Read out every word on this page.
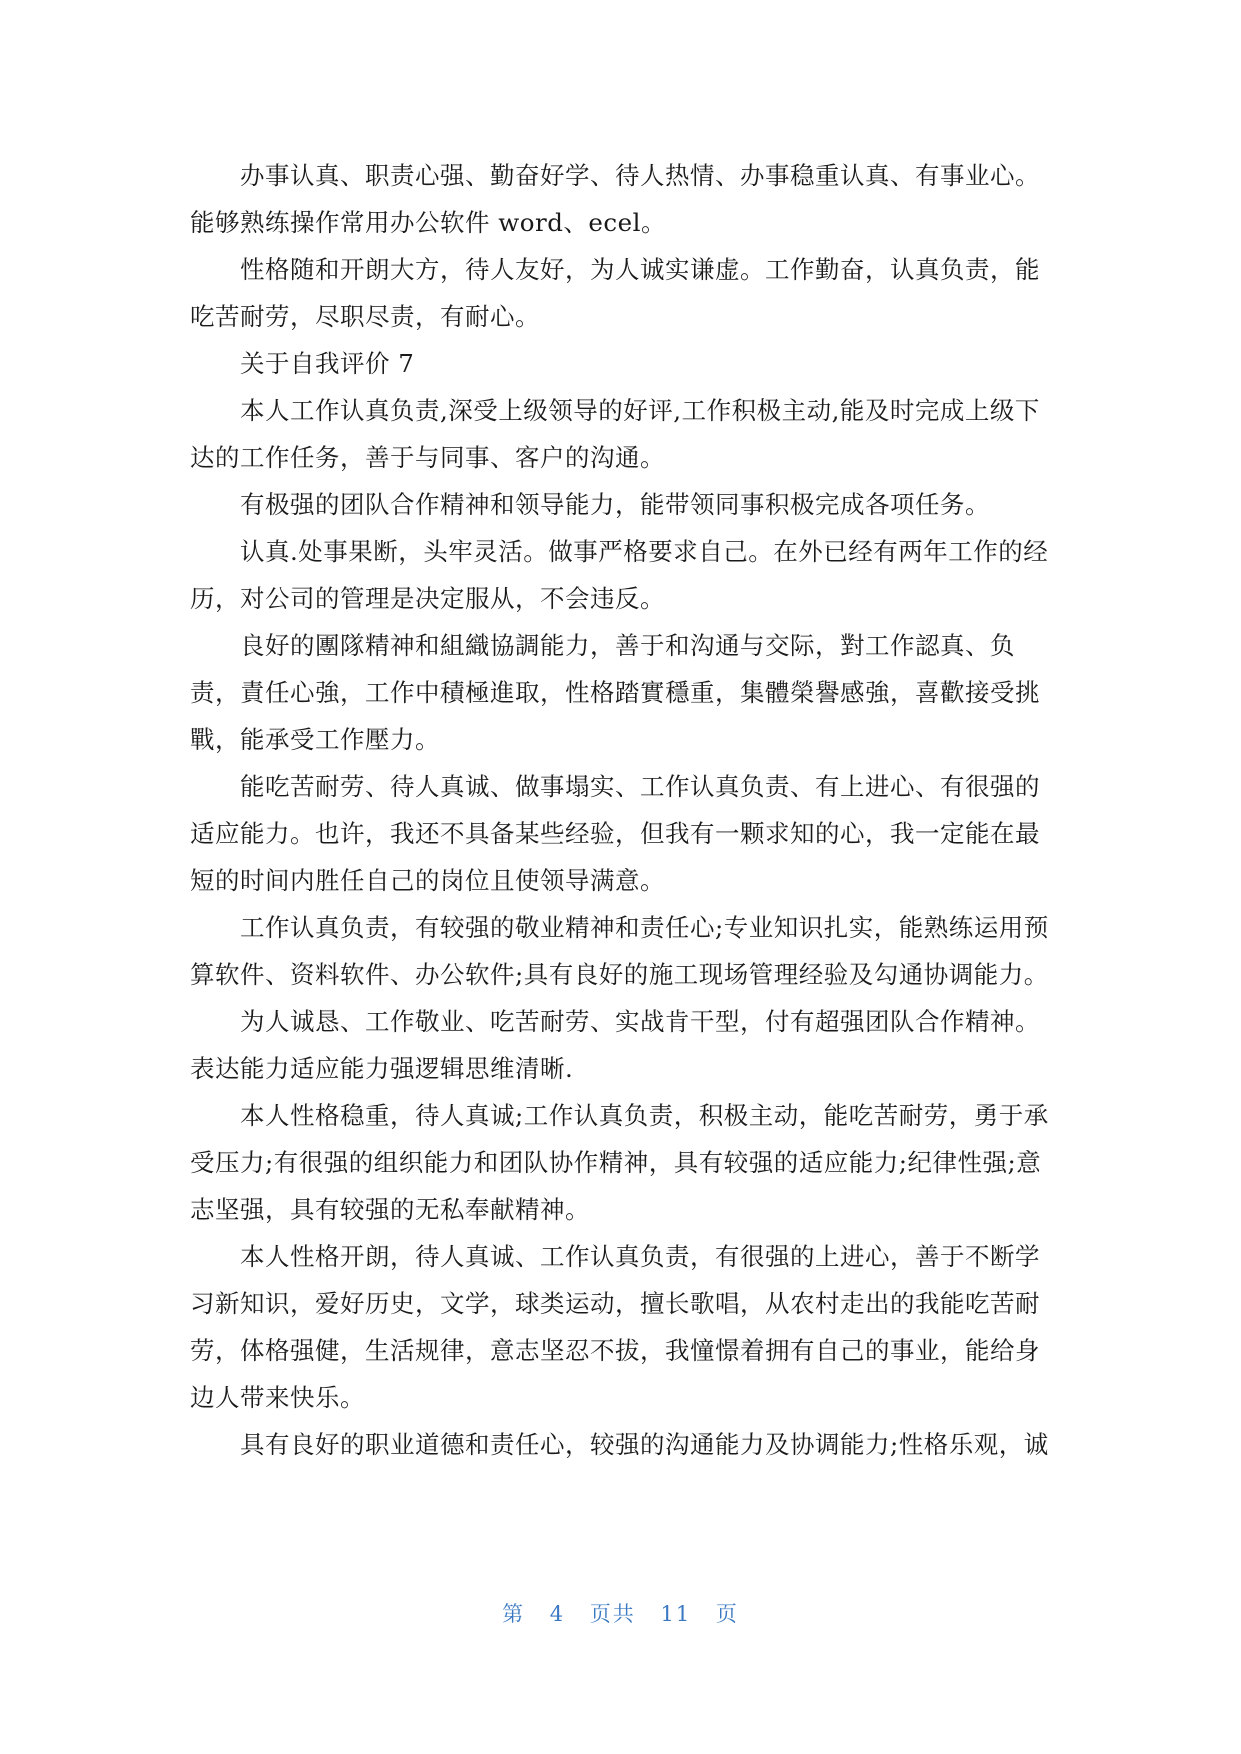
办事认真、职责心强、勤奋好学、待人热情、办事稳重认真、有事业心。
能够熟练操作常用办公软件 word、ecel。
性格随和开朗大方，待人友好，为人诚实谦虚。工作勤奋，认真负责，能
吃苦耐劳，尽职尽责，有耐心。
关于自我评价 7
本人工作认真负责,深受上级领导的好评,工作积极主动,能及时完成上级下
达的工作任务，善于与同事、客户的沟通。
有极强的团队合作精神和领导能力，能带领同事积极完成各项任务。
认真.处事果断，头牢灵活。做事严格要求自己。在外已经有两年工作的经
历，对公司的管理是决定服从，不会违反。
良好的團隊精神和組織協調能力，善于和沟通与交际，對工作認真、负
责，責任心強，工作中積極進取，性格踏實穩重，集體榮譽感強，喜歡接受挑
戰，能承受工作壓力。
能吃苦耐劳、待人真诚、做事塌实、工作认真负责、有上进心、有很强的
适应能力。也许，我还不具备某些经验，但我有一颗求知的心，我一定能在最
短的时间内胜任自己的岗位且使领导满意。
工作认真负责，有较强的敬业精神和责任心;专业知识扎实，能熟练运用预
算软件、资料软件、办公软件;具有良好的施工现场管理经验及勾通协调能力。
为人诚恳、工作敬业、吃苦耐劳、实战肯干型，付有超强团队合作精神。
表达能力适应能力强逻辑思维清晰.
本人性格稳重，待人真诚;工作认真负责，积极主动，能吃苦耐劳，勇于承
受压力;有很强的组织能力和团队协作精神，具有较强的适应能力;纪律性强;意
志坚强，具有较强的无私奉献精神。
本人性格开朗，待人真诚、工作认真负责，有很强的上进心，善于不断学
习新知识，爱好历史，文学，球类运动，擅长歌唱，从农村走出的我能吃苦耐
劳，体格强健，生活规律，意志坚忍不拔，我憧憬着拥有自己的事业，能给身
边人带来快乐。
具有良好的职业道德和责任心，较强的沟通能力及协调能力;性格乐观，诚
第 4 页共 11 页
